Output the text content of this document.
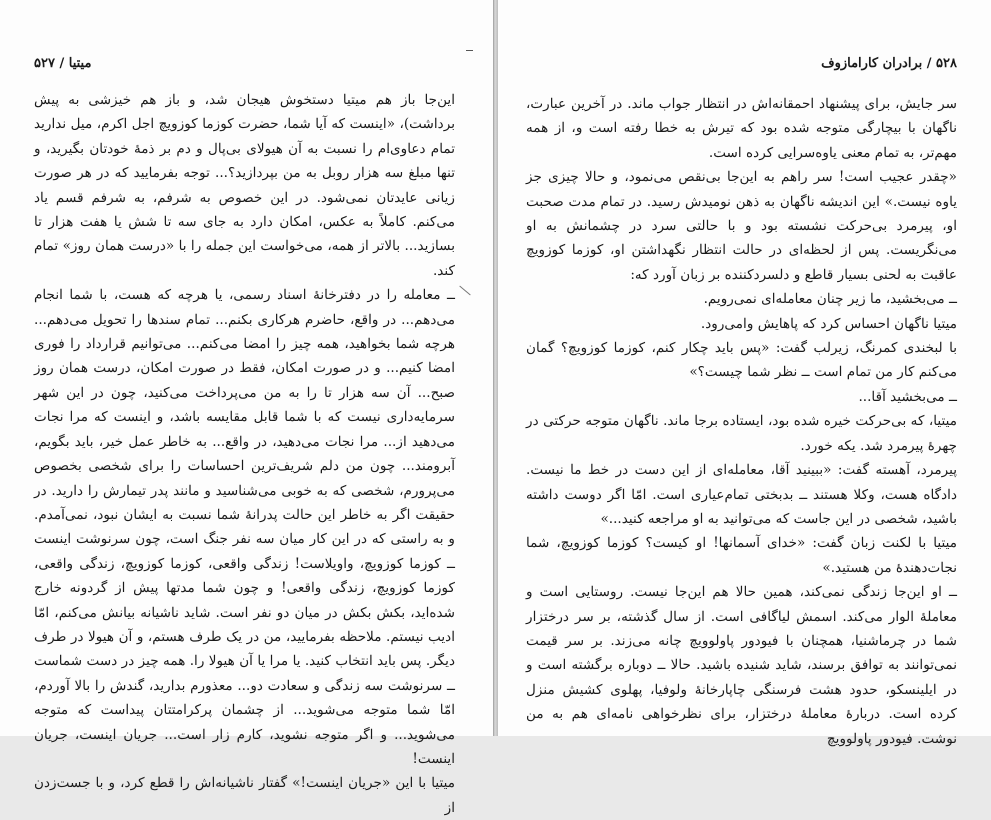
میتیا / ۵۲۷

این‌جا باز هم میتیا دستخوش هیجان شد، و باز هم خیزشی به پیش برداشت)، «اینست که آیا شما، حضرت کوزما کوزویچ اجل اکرم، میل ندارید تمام دعاوی‌ام را نسبت به آن هیولای بی‌پال و دم بر ذمهٔ خودتان بگیرید، و تنها مبلغ سه هزار روبل به من بپردازید؟... توجه بفرمایید که در هر صورت زیانی عایدتان نمی‌شود. در این خصوص به شرفم، به شرفم قسم یاد می‌کنم. کاملاً به عکس، امکان دارد به جای سه تا شش یا هفت هزار تا بسازید... بالاتر از همه، می‌خواست این جمله را با «درست همان روز» تمام کند.

ــ معامله را در دفترخانهٔ اسناد رسمی، یا هرچه که هست، با شما انجام می‌دهم... در واقع، حاضرم هرکاری بکنم... تمام سندها را تحویل می‌دهم... هرچه شما بخواهید، همه چیز را امضا می‌کنم... می‌توانیم قرارداد را فوری امضا کنیم... و در صورت امکان، فقط در صورت امکان، درست همان روز صبح... آن سه هزار تا را به من می‌پرداخت می‌کنید، چون در این شهر سرمایه‌داری نیست که با شما قابل مقایسه باشد، و اینست که مرا نجات می‌دهید از... مرا نجات می‌دهید، در واقع... به خاطر عمل خیر، باید بگویم، آبرومند... چون من دلم شریف‌ترین احساسات را برای شخصی بخصوص می‌پرورم، شخصی که به خوبی می‌شناسید و مانند پدر تیمارش را دارید. در حقیقت اگر به خاطر این حالت پدرانهٔ شما نسبت به ایشان نبود، نمی‌آمدم. و به راستی که در این کار میان سه نفر جنگ است، چون سرنوشت اینست ــ کوزما کوزویچ، واویلاست! زندگی واقعی، کوزما کوزویچ، زندگی واقعی، کوزما کوزویچ، زندگی واقعی! و چون شما مدتها پیش از گردونه خارج شده‌اید، بکش بکش در میان دو نفر است. شاید ناشیانه بیانش می‌کنم، امّا ادیب نیستم. ملاحظه بفرمایید، من در یک طرف هستم، و آن هیولا در طرف دیگر. پس باید انتخاب کنید. یا مرا یا آن هیولا را. همه چیز در دست شماست ــ سرنوشت سه زندگی و سعادت دو... معذورم بدارید، گندش را بالا آوردم، امّا شما متوجه می‌شوید... از چشمان پرکرامتتان پیداست که متوجه می‌شوید... و اگر متوجه نشوید، کارم زار است... جریان اینست، جریان اینست!

میتیا با این «جریان اینست!» گفتار ناشیانه‌اش را قطع کرد، و با جست‌زدن از

۵۲۸ / برادران کارامازوف

سر جایش، برای پیشنهاد احمقانه‌اش در انتظار جواب ماند. در آخرین عبارت، ناگهان با بیچارگی متوجه شده بود که تیرش به خطا رفته است و، از همه مهم‌تر، به تمام معنی یاوه‌سرایی کرده است.

«چقدر عجیب است! سر راهم به این‌جا بی‌نقص می‌نمود، و حالا چیزی جز یاوه نیست.» این اندیشه ناگهان به ذهن نومیدش رسید. در تمام مدت صحبت او، پیرمرد بی‌حرکت نشسته بود و با حالتی سرد در چشمانش به او می‌نگریست. پس از لحظه‌ای در حالت انتظار نگهداشتن او، کوزما کوزویچ عاقبت به لحنی بسیار قاطع و دلسردکننده بر زبان آورد که:

ــ می‌بخشید، ما زیر چنان معامله‌ای نمی‌رویم.

میتیا ناگهان احساس کرد که پاهایش وامی‌رود.

با لبخندی کمرنگ، زیرلب گفت: «پس باید چکار کنم، کوزما کوزویچ؟ گمان می‌کنم کار من تمام است ــ نظر شما چیست؟»

ــ می‌بخشید آقا...

میتیا، که بی‌حرکت خیره شده بود، ایستاده برجا ماند. ناگهان متوجه حرکتی در چهرهٔ پیرمرد شد. یکه خورد.

پیرمرد، آهسته گفت: «ببینید آقا، معامله‌ای از این دست در خط ما نیست. دادگاه هست، وکلا هستند ــ بدبختی تمام‌عیاری است. امّا اگر دوست داشته باشید، شخصی در این جاست که می‌توانید به او مراجعه کنید...»

میتیا با لکنت زبان گفت: «خدای آسمانها! او کیست؟ کوزما کوزویچ، شما نجات‌دهندهٔ من هستید.»

ــ او این‌جا زندگی نمی‌کند، همین حالا هم این‌جا نیست. روستایی است و معاملهٔ الوار می‌کند. اسمش لیاگافی است. از سال گذشته، بر سر درختزار شما در چرماشنیا، همچنان با فیودور پاولوویچ چانه می‌زند. بر سر قیمت نمی‌توانند به توافق برسند، شاید شنیده باشید. حالا ــ دوباره برگشته است و در ایلینسکو، حدود هشت فرسنگی چاپارخانهٔ ولوفیا، پهلوی کشیش منزل کرده است. دربارهٔ معاملهٔ درختزار، برای نظرخواهی نامه‌ای هم به من نوشت. فیودور پاولوویچ
